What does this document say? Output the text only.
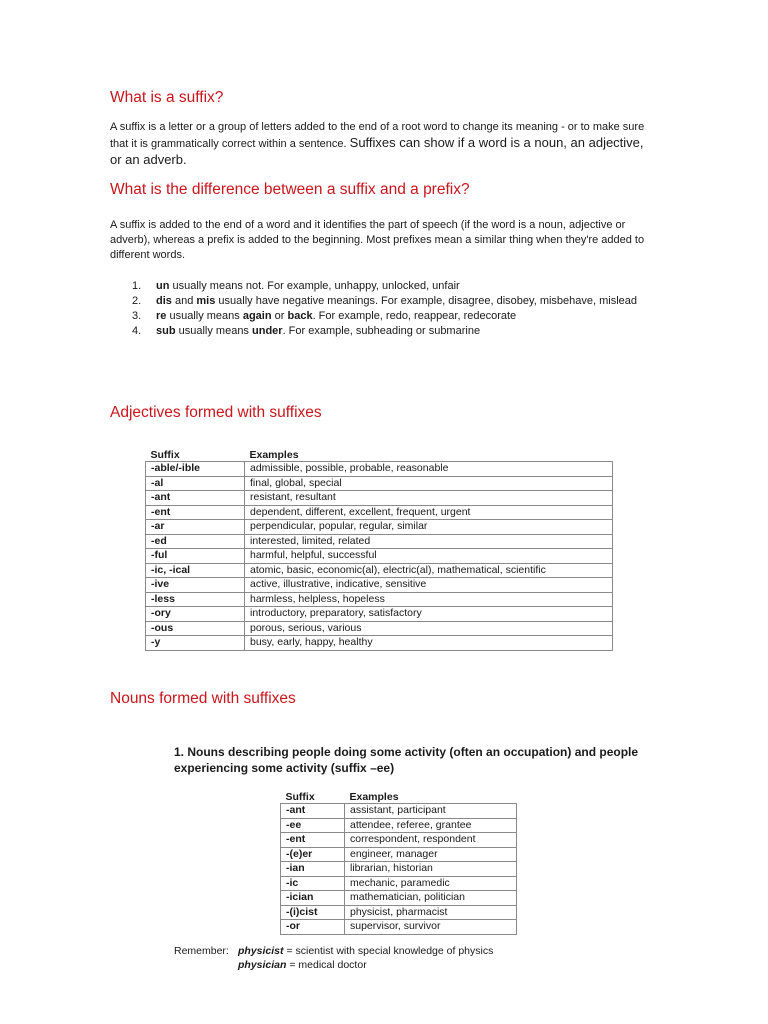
What is a suffix?

A suffix is a letter or a group of letters added to the end of a root word to change its meaning - or to make sure that it is grammatically correct within a sentence. Suffixes can show if a word is a noun, an adjective, or an adverb.

What is the difference between a suffix and a prefix?

A suffix is added to the end of a word and it identifies the part of speech (if the word is a noun, adjective or adverb), whereas a prefix is added to the beginning. Most prefixes mean a similar thing when they're added to different words.

1. un usually means not. For example, unhappy, unlocked, unfair
2. dis and mis usually have negative meanings. For example, disagree, disobey, misbehave, mislead
3. re usually means again or back. For example, redo, reappear, redecorate
4. sub usually means under. For example, subheading or submarine
Adjectives formed with suffixes
Suffix	Examples
-able/-ible	admissible, possible, probable, reasonable
-al	final, global, special
-ant	resistant, resultant
-ent	dependent, different, excellent, frequent, urgent
-ar	perpendicular, popular, regular, similar
-ed	interested, limited, related
-ful	harmful, helpful, successful
-ic, -ical	atomic, basic, economic(al), electric(al), mathematical, scientific
-ive	active, illustrative, indicative, sensitive
-less	harmless, helpless, hopeless
-ory	introductory, preparatory, satisfactory
-ous	porous, serious, various
-y	busy, early, happy, healthy
Nouns formed with suffixes

1. Nouns describing people doing some activity (often an occupation) and people experiencing some activity (suffix –ee)

Suffix	Examples
-ant	assistant, participant
-ee	attendee, referee, grantee
-ent	correspondent, respondent
-(e)er	engineer, manager
-ian	librarian, historian
-ic	mechanic, paramedic
-ician	mathematician, politician
-(i)cist	physicist, pharmacist
-or	supervisor, survivor
Remember: physicist = scientist with special knowledge of physics
physician = medical doctor
